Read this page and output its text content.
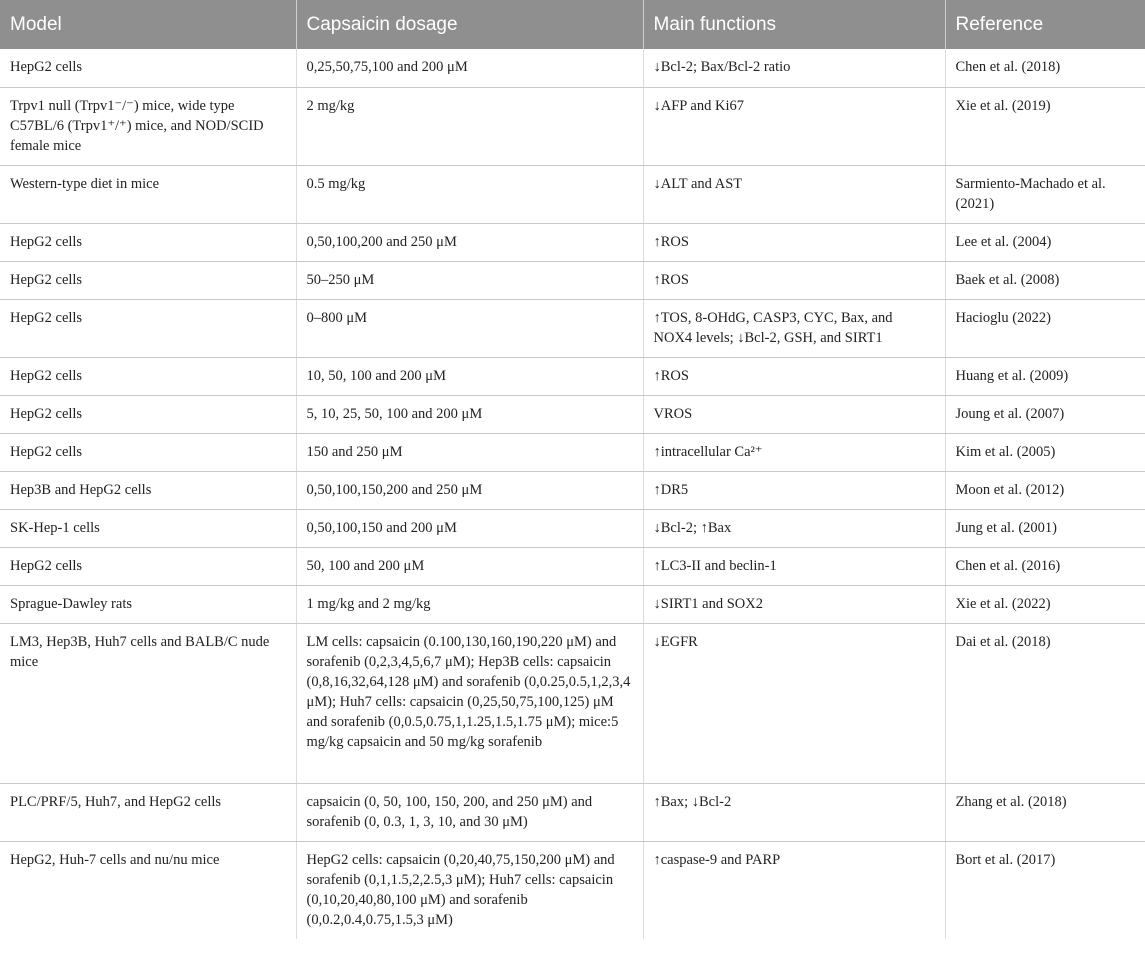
Model	Capsaicin dosage	Main functions	Reference
HepG2 cells	0,25,50,75,100 and 200 μM	↓Bcl-2; Bax/Bcl-2 ratio	Chen et al. (2018)
Trpv1 null (Trpv1⁻/⁻) mice, wide type C57BL/6 (Trpv1⁺/⁺) mice, and NOD/SCID female mice	2 mg/kg	↓AFP and Ki67	Xie et al. (2019)
Western-type diet in mice	0.5 mg/kg	↓ALT and AST	Sarmiento-Machado et al. (2021)
HepG2 cells	0,50,100,200 and 250 μM	↑ROS	Lee et al. (2004)
HepG2 cells	50–250 μM	↑ROS	Baek et al. (2008)
HepG2 cells	0–800 μM	↑TOS, 8-OHdG, CASP3, CYC, Bax, and NOX4 levels; ↓Bcl-2, GSH, and SIRT1	Hacioglu (2022)
HepG2 cells	10, 50, 100 and 200 μM	↑ROS	Huang et al. (2009)
HepG2 cells	5, 10, 25, 50, 100 and 200 μM	VROS	Joung et al. (2007)
HepG2 cells	150 and 250 μM	↑intracellular Ca²⁺	Kim et al. (2005)
Hep3B and HepG2 cells	0,50,100,150,200 and 250 μM	↑DR5	Moon et al. (2012)
SK-Hep-1 cells	0,50,100,150 and 200 μM	↓Bcl-2; ↑Bax	Jung et al. (2001)
HepG2 cells	50, 100 and 200 μM	↑LC3-II and beclin-1	Chen et al. (2016)
Sprague-Dawley rats	1 mg/kg and 2 mg/kg	↓SIRT1 and SOX2	Xie et al. (2022)
LM3, Hep3B, Huh7 cells and BALB/C nude mice	LM cells: capsaicin (0.100,130,160,190,220 μM) and sorafenib (0,2,3,4,5,6,7 μM); Hep3B cells: capsaicin (0,8,16,32,64,128 μM) and sorafenib (0,0.25,0.5,1,2,3,4 μM); Huh7 cells: capsaicin (0,25,50,75,100,125) μM and sorafenib (0,0.5,0.75,1,1.25,1.5,1.75 μM); mice:5 mg/kg capsaicin and 50 mg/kg sorafenib	↓EGFR	Dai et al. (2018)
PLC/PRF/5, Huh7, and HepG2 cells	capsaicin (0, 50, 100, 150, 200, and 250 μM) and sorafenib (0, 0.3, 1, 3, 10, and 30 μM)	↑Bax; ↓Bcl-2	Zhang et al. (2018)
HepG2, Huh-7 cells and nu/nu mice	HepG2 cells: capsaicin (0,20,40,75,150,200 μM) and sorafenib (0,1,1.5,2,2.5,3 μM); Huh7 cells: capsaicin (0,10,20,40,80,100 μM) and sorafenib (0,0.2,0.4,0.75,1.5,3 μM)	↑caspase-9 and PARP	Bort et al. (2017)
